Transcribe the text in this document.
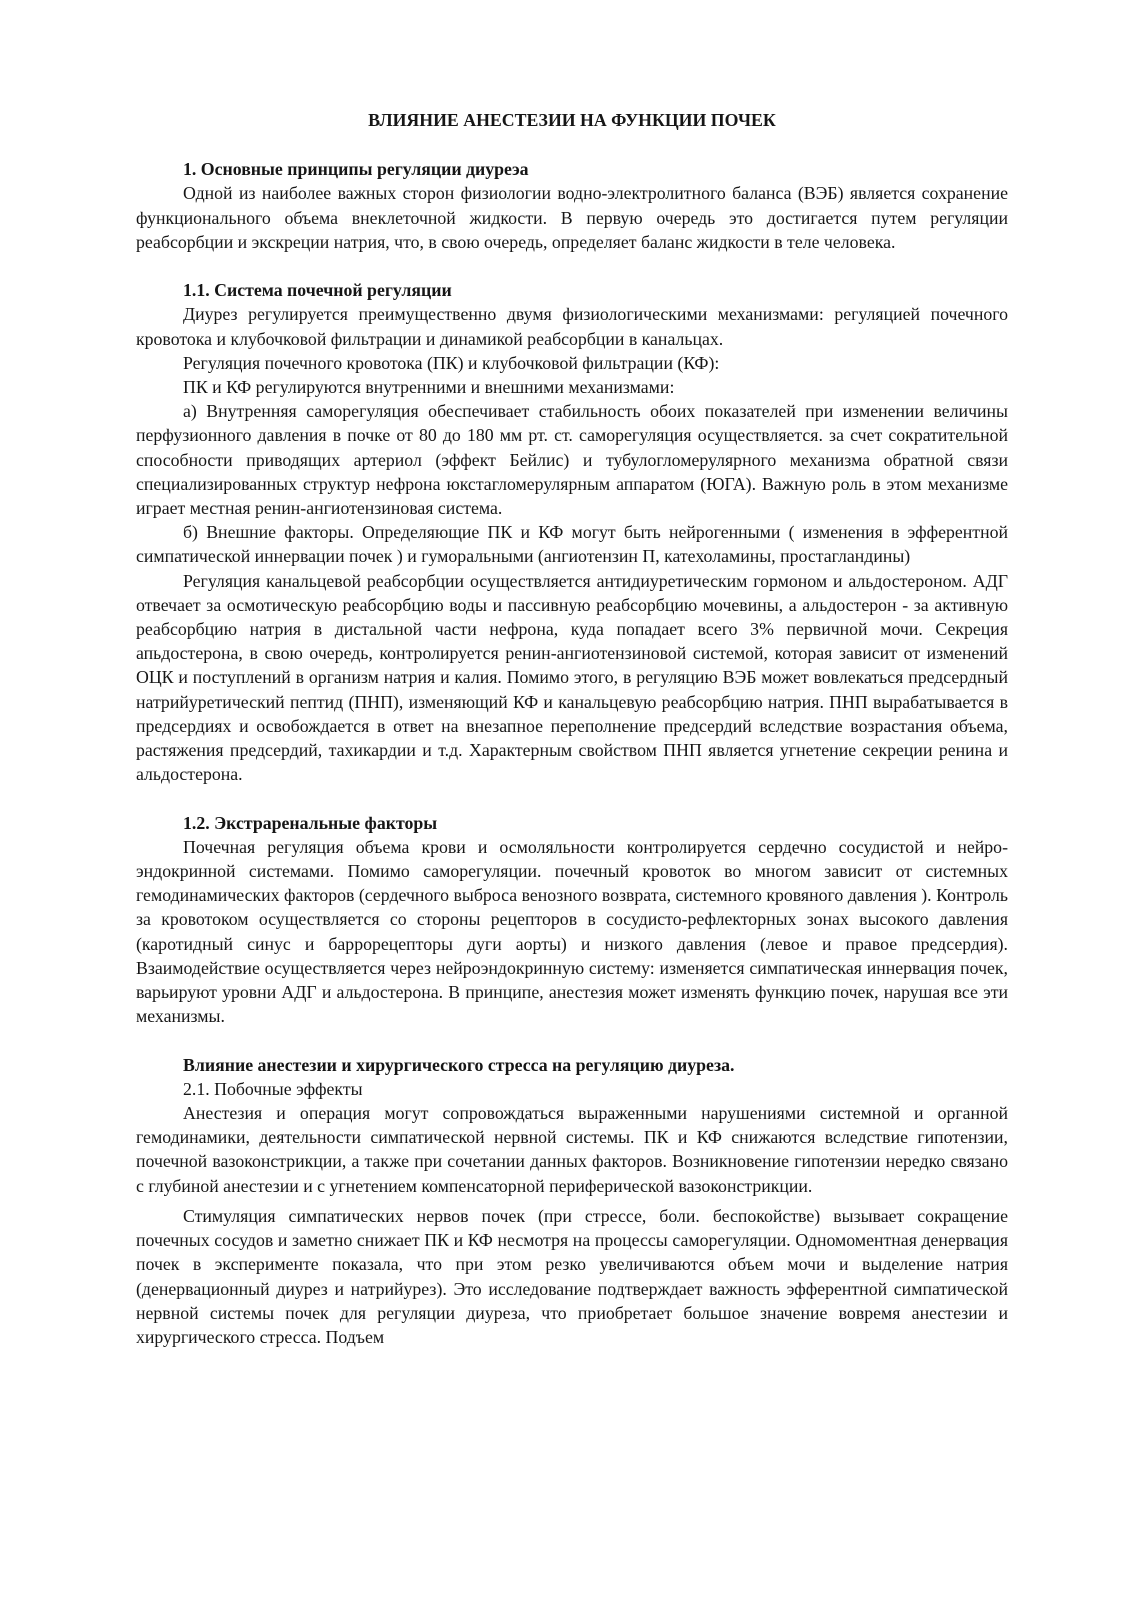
ВЛИЯНИЕ АНЕСТЕЗИИ НА ФУНКЦИИ ПОЧЕК
1. Основные принципы регуляции диуреэа

Одной из наиболее важных сторон физиологии водно-электролитного баланса (ВЭБ) является сохранение функционального объема внеклеточной жидкости. В первую очередь это достигается путем регуляции реабсорбции и экскреции натрия, что, в свою очередь, определяет баланс жидкости в теле человека.

1.1. Система почечной регуляции

Диурез регулируется преимущественно двумя физиологическими механизмами: регуляцией почечного кровотока и клубочковой фильтрации и динамикой реабсорбции в канальцах.

Регуляция почечного кровотока (ПК) и клубочковой фильтрации (КФ):

ПК и КФ регулируются внутренними и внешними механизмами:

а) Внутренняя саморегуляция обеспечивает стабильность обоих показателей при изменении величины перфузионного давления в почке от 80 до 180 мм рт. ст. саморегуляция осуществляется. за счет сократительной способности приводящих артериол (эффект Бейлис) и тубулогломерулярного механизма обратной связи специализированных структур нефрона юкстагломерулярным аппаратом (ЮГА). Важную роль в этом механизме играет местная ренин-ангиотензиновая система.

б) Внешние факторы. Определяющие ПК и КФ могут быть нейрогенными ( изменения в эфферентной симпатической иннервации почек ) и гуморальными (ангиотензин П, катехоламины, простагландины)

Регуляция канальцевой реабсорбции осуществляется антидиуретическим гормоном и альдостероном. АДГ отвечает за осмотическую реабсорбцию воды и пассивную реабсорбцию мочевины, а альдостерон - за активную реабсорбцию натрия в дистальной части нефрона, куда попадает всего 3% первичной мочи. Секреция апьдостерона, в свою очередь, контролируется ренин-ангиотензиновой системой, которая зависит от изменений ОЦК и поступлений в организм натрия и калия. Помимо этого, в регуляцию ВЭБ может вовлекаться предсердный натрийуретический пептид (ПНП), изменяющий КФ и канальцевую реабсорбцию натрия. ПНП вырабатывается в предсердиях и освобождается в ответ на внезапное переполнение предсердий вследствие возрастания объема, растяжения предсердий, тахикардии и т.д. Характерным свойством ПНП является угнетение секреции ренина и альдостерона.

1.2. Экстраренальные факторы

Почечная регуляция объема крови и осмоляльности контролируется сердечно сосудистой и нейро- эндокринной системами. Помимо саморегуляции. почечный кровоток во многом зависит от системных гемодинамических факторов (сердечного выброса венозного возврата, системного кровяного давления ). Контроль за кровотоком осуществляется со стороны рецепторов в сосудисто-рефлекторных зонах высокого давления (каротидный синус и баррорецепторы дуги аорты) и низкого давления (левое и правое предсердия). Взаимодействие осуществляется через нейроэндокринную систему: изменяется симпатическая иннервация почек, варьируют уровни АДГ и альдостерона. В принципе, анестезия может изменять функцию почек, нарушая все эти механизмы.

Влияние анестезии и хирургического стресса на регуляцию диуреза.
2.1. Побочные эффекты

Анестезия и операция могут сопровождаться выраженными нарушениями системной и органной гемодинамики, деятельности симпатической нервной системы. ПК и КФ снижаются вследствие гипотензии, почечной вазоконстрикции, а также при сочетании данных факторов. Возникновение гипотензии нередко связано с глубиной анестезии и с угнетением компенсаторной периферической вазоконстрикции.

Стимуляция симпатических нервов почек (при стрессе, боли. беспокойстве) вызывает сокращение почечных сосудов и заметно снижает ПК и КФ несмотря на процессы саморегуляции. Одномоментная денервация почек в эксперименте показала, что при этом резко увеличиваются объем мочи и выделение натрия (денервационный диурез и натрийурез). Это исследование подтверждает важность эфферентной симпатической нервной системы почек для регуляции диуреза, что приобретает большое значение вовремя анестезии и хирургического стресса. Подъем
